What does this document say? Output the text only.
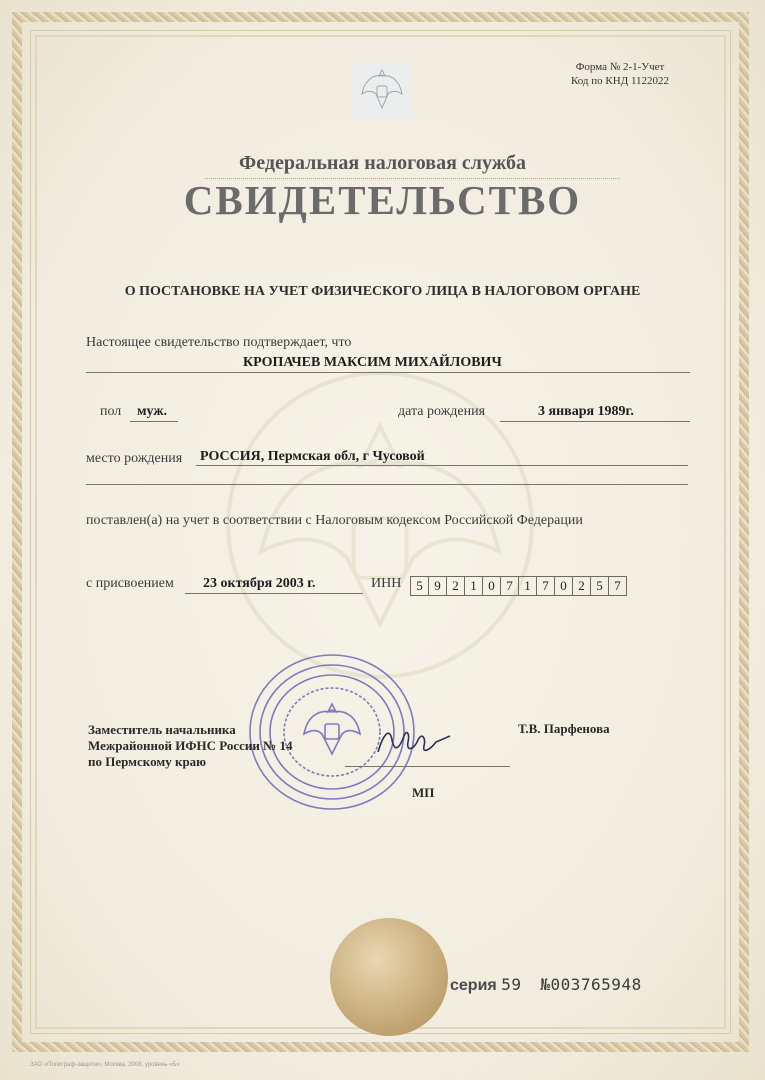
Форма № 2-1-Учет
Код по КНД 1122022
Федеральная налоговая служба
СВИДЕТЕЛЬСТВО
О ПОСТАНОВКЕ НА УЧЕТ ФИЗИЧЕСКОГО ЛИЦА В НАЛОГОВОМ ОРГАНЕ
Настоящее свидетельство подтверждает, что
КРОПАЧЕВ МАКСИМ МИХАЙЛОВИЧ
пол муж.	дата рождения	3 января 1989г.
место рождения РОССИЯ, Пермская обл, г Чусовой
поставлен(а) на учет в соответствии с Налоговым кодексом Российской Федерации
с присвоением 23 октября 2003 г.	ИНН	5 9 2 1 0 7 1 7 0 2 5 7
Заместитель начальника
Межрайонной ИФНС России № 14
по Пермскому краю
Т.В. Парфенова
МП
серия 59 №003765948
ЗАО «Полиграф-защита», Москва, 2008, уровень «Б»
